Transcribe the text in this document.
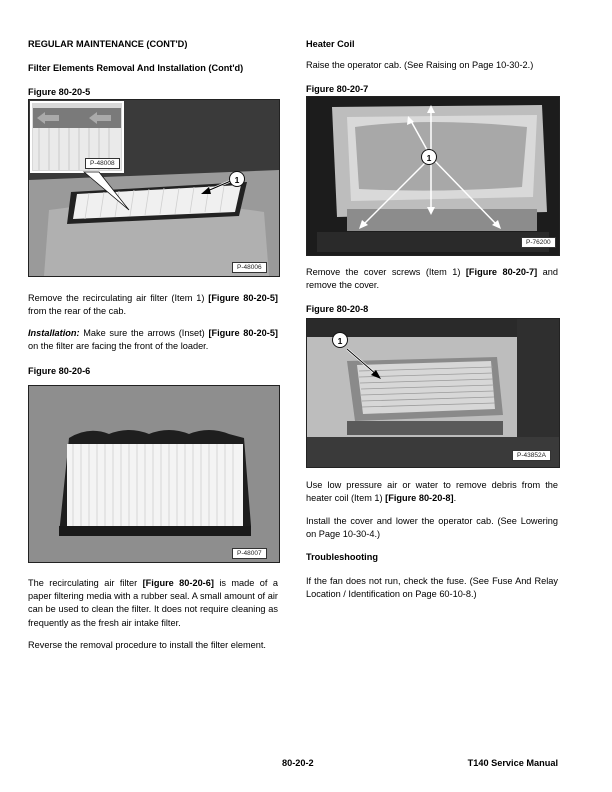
REGULAR MAINTENANCE (CONT'D)
Filter Elements Removal And Installation (Cont'd)
Figure 80-20-5
1
P-48008
P-48006
Remove the recirculating air filter (Item 1) [Figure 80-20-5] from the rear of the cab.
Installation: Make sure the arrows (Inset) [Figure 80-20-5] on the filter are facing the front of the loader.
Figure 80-20-6
P-48007
The recirculating air filter [Figure 80-20-6] is made of a paper filtering media with a rubber seal. A small amount of air can be used to clean the filter. It does not require cleaning as frequently as the fresh air intake filter.
Reverse the removal procedure to install the filter element.
Heater Coil
Raise the operator cab. (See Raising on Page 10-30-2.)
Figure 80-20-7
1
P-76200
Remove the cover screws (Item 1) [Figure 80-20-7] and remove the cover.
Figure 80-20-8
1
P-43852A
Use low pressure air or water to remove debris from the heater coil (Item 1) [Figure 80-20-8].
Install the cover and lower the operator cab. (See Lowering on Page 10-30-4.)
Troubleshooting
If the fan does not run, check the fuse. (See Fuse And Relay Location / Identification on Page 60-10-8.)
80-20-2	T140 Service Manual
